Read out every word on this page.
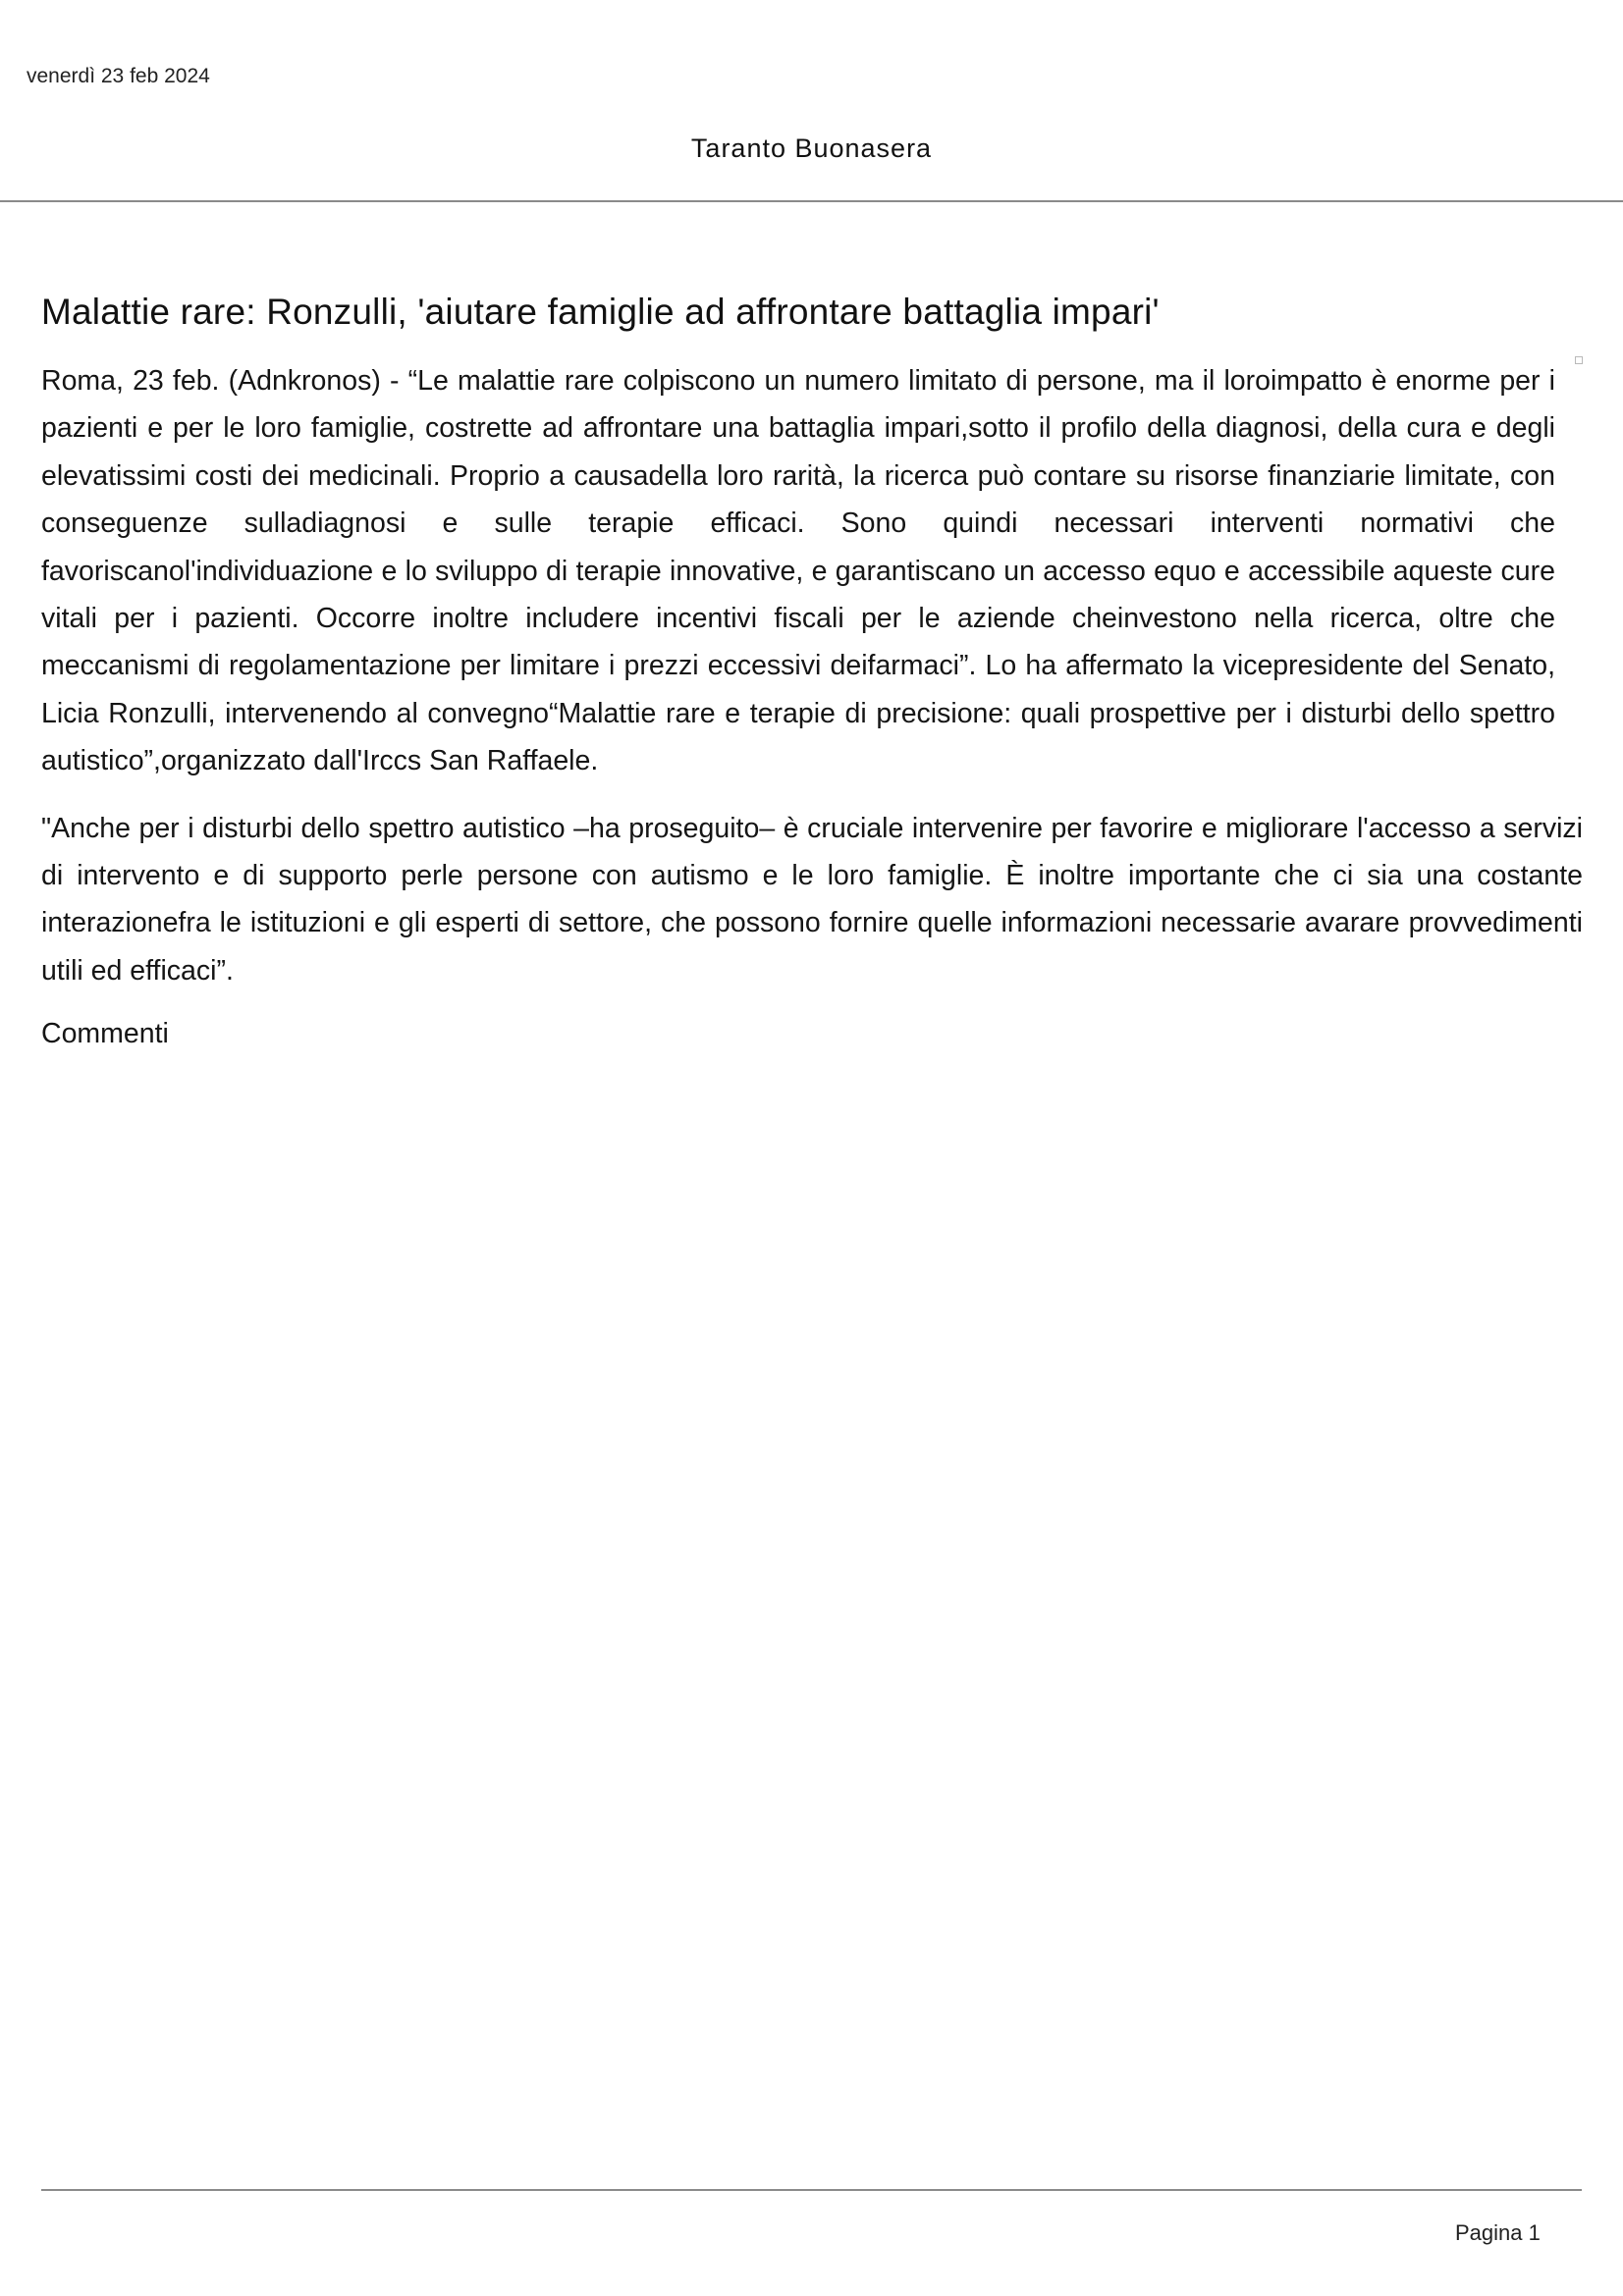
venerdì 23 feb 2024
Taranto Buonasera
Malattie rare: Ronzulli, 'aiutare famiglie ad affrontare battaglia impari'

Roma, 23 feb. (Adnkronos) - “Le malattie rare colpiscono un numero limitato di persone, ma il loroimpatto è enorme per i pazienti e per le loro famiglie, costrette ad affrontare una battaglia impari,sotto il profilo della diagnosi, della cura e degli elevatissimi costi dei medicinali. Proprio a causadella loro rarità, la ricerca può contare su risorse finanziarie limitate, con conseguenze sulladiagnosi e sulle terapie efficaci. Sono quindi necessari interventi normativi che favoriscanol'individuazione e lo sviluppo di terapie innovative, e garantiscano un accesso equo e accessibile aqueste cure vitali per i pazienti. Occorre inoltre includere incentivi fiscali per le aziende cheinvestono nella ricerca, oltre che meccanismi di regolamentazione per limitare i prezzi eccessivi deifarmaci”. Lo ha affermato la vicepresidente del Senato, Licia Ronzulli, intervenendo al convegno“Malattie rare e terapie di precisione: quali prospettive per i disturbi dello spettro autistico”,organizzato dall'Irccs San Raffaele.

"Anche per i disturbi dello spettro autistico –ha proseguito– è cruciale intervenire per favorire e migliorare l'accesso a servizi di intervento e di supporto perle persone con autismo e le loro famiglie. È inoltre importante che ci sia una costante interazionefra le istituzioni e gli esperti di settore, che possono fornire quelle informazioni necessarie avarare provvedimenti utili ed efficaci”.

Commenti
Pagina 1
